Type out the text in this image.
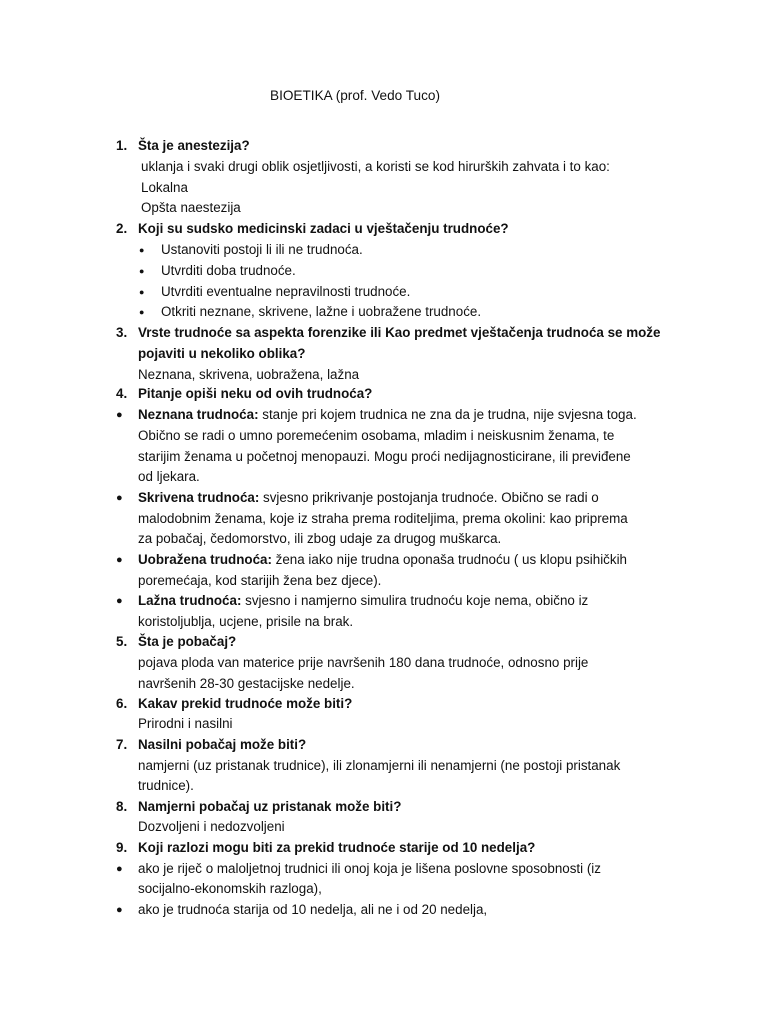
BIOETIKA (prof. Vedo Tuco)
1. Šta je anestezija?
uklanja i svaki drugi oblik osjetljivosti, a koristi se kod hirurških zahvata i to kao:
Lokalna
Opšta naestezija
2. Koji su sudsko medicinski zadaci u vještačenju trudnoće?
● Ustanoviti postoji li ili ne trudnoća.
● Utvrditi doba trudnoće.
● Utvrditi eventualne nepravilnosti trudnoće.
● Otkriti neznane, skrivene, lažne i uobražene trudnoće.
3. Vrste trudnoće sa aspekta forenzike ili Kao predmet vještačenja trudnoća se može
pojaviti u nekoliko oblika?
Neznana, skrivena, uobražena, lažna
4. Pitanje opiši neku od ovih trudnoća?
● Neznana trudnoća: stanje pri kojem trudnica ne zna da je trudna, nije svjesna toga.
Obično se radi o umno poremećenim osobama, mladim i neiskusnim ženama, te
starijim ženama u početnoj menopauzi. Mogu proći nedijagnosticirane, ili previđene
od ljekara.
● Skrivena trudnoća: svjesno prikrivanje postojanja trudnoće. Obično se radi o
malodobnim ženama, koje iz straha prema roditeljima, prema okolini: kao pripremа
za pobačaj, čedomorstvo, ili zbog udaje za drugog muškarca.
● Uobražena trudnoća: žena iako nije trudna oponaša trudnoću ( us klopu psihičkih
poremećaja, kod starijih žena bez djece).
● Lažna trudnoća: svjesno i namjerno simulira trudnoću koje nema, obično iz
koristoljublja, ucjene, prisile na brak.
5. Šta je pobačaj?
pojava ploda van materice prije navršenih 180 dana trudnoće, odnosno prije
navršenih 28-30 gestacijske nedelje.
6. Kakav prekid trudnoće može biti?
Prirodni i nasilni
7. Nasilni pobačaj može biti?
namjerni (uz pristanak trudnice), ili zlonamjerni ili nenamjerni (ne postoji pristanak
trudnice).
8. Namjerni pobačaj uz pristanak može biti?
Dozvoljeni i nedozvoljeni
9. Koji razlozi mogu biti za prekid trudnoće starije od 10 nedelja?
● ako je riječ o maloljetnoj trudnici ili onoj koja je lišena poslovne sposobnosti (iz
socijalno-ekonomskih razloga),
● ako je trudnoća starija od 10 nedelja, ali ne i od 20 nedelja,
